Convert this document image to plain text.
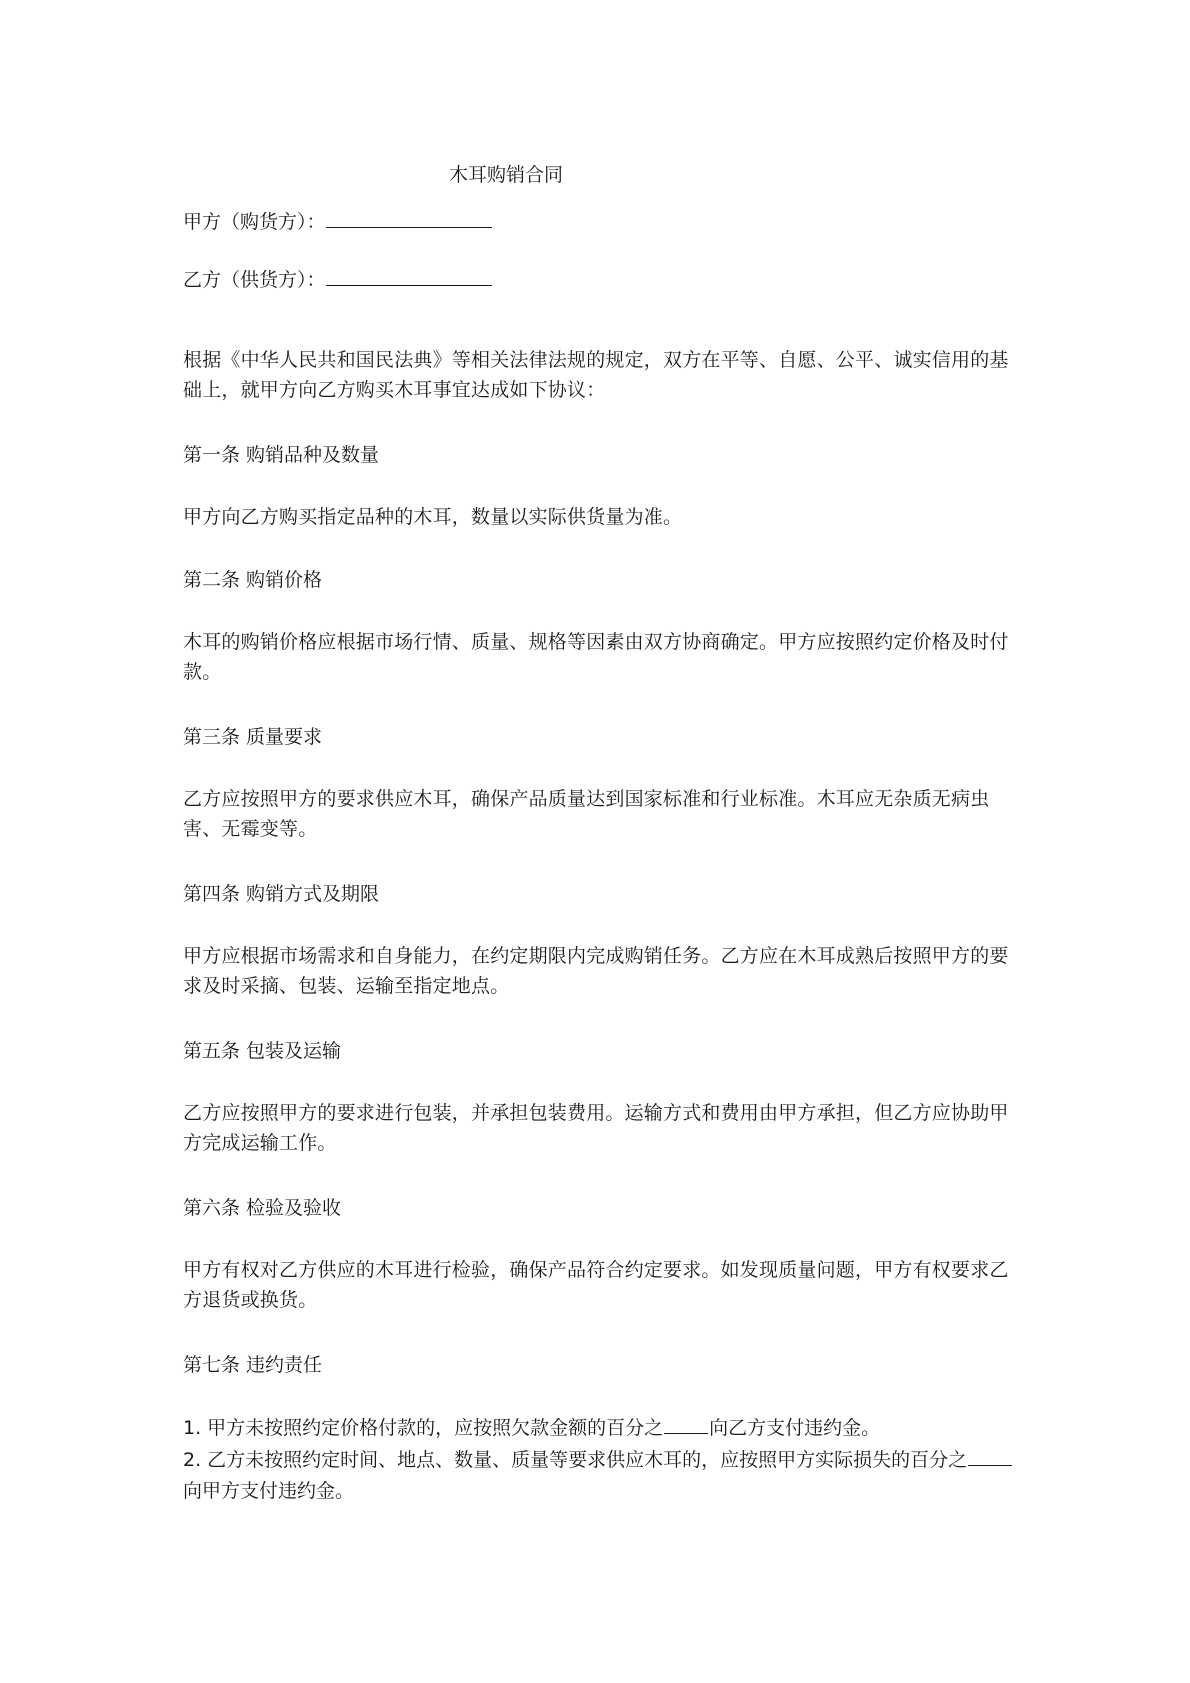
木耳购销合同
甲方（购货方）：
乙方（供货方）：
根据《中华人民共和国民法典》等相关法律法规的规定，双方在平等、自愿、公平、诚实信用的基础上，就甲方向乙方购买木耳事宜达成如下协议：
第一条 购销品种及数量
甲方向乙方购买指定品种的木耳，数量以实际供货量为准。
第二条 购销价格
木耳的购销价格应根据市场行情、质量、规格等因素由双方协商确定。甲方应按照约定价格及时付款。
第三条 质量要求
乙方应按照甲方的要求供应木耳，确保产品质量达到国家标准和行业标准。木耳应无杂质无病虫害、无霉变等。
第四条 购销方式及期限
甲方应根据市场需求和自身能力，在约定期限内完成购销任务。乙方应在木耳成熟后按照甲方的要求及时采摘、包装、运输至指定地点。
第五条 包装及运输
乙方应按照甲方的要求进行包装，并承担包装费用。运输方式和费用由甲方承担，但乙方应协助甲方完成运输工作。
第六条 检验及验收
甲方有权对乙方供应的木耳进行检验，确保产品符合约定要求。如发现质量问题，甲方有权要求乙方退货或换货。
第七条 违约责任
1. 甲方未按照约定价格付款的，应按照欠款金额的百分之 向乙方支付违约金。
2. 乙方未按照约定时间、地点、数量、质量等要求供应木耳的，应按照甲方实际损失的百分之向甲方支付违约金。
